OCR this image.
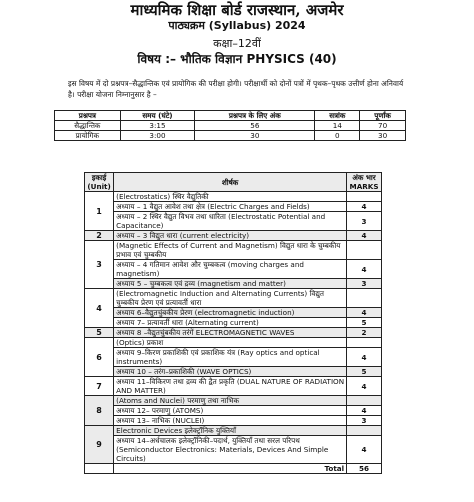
माध्यमिक शिक्षा बोर्ड राजस्थान, अजमेर
पाठ्यक्रम (Syllabus) 2024
कक्षा–12वीं
विषय :– भौतिक विज्ञान PHYSICS (40)
इस विषय में दो प्रश्नपत्र–सैद्धान्तिक एवं प्रायोगिक की परीक्षा होगी। परीक्षार्थी को दोनों पत्रों में पृथक–पृथक उत्तीर्ण होना अनिवार्य है। परीक्षा योजना निम्नानुसार है –
प्रश्नपत्र	समय (घंटे)	प्रश्नपत्र के लिए अंक	सत्रांक	पूर्णांक
सैद्धान्तिक	3:15	56	14	70
प्रायोगिक	3:00	30	0	30
इकाई (Unit)	शीर्षक	अंक भार MARKS
1	(Electrostatics) स्थिर वैद्युतिकी	
	अध्याय – 1 वैद्युत आवेश तथा क्षेत्र (Electric Charges and Fields)	4
	अध्याय – 2 स्थिर वैद्युत विभव तथा धारिता (Electrostatic Potential and Capacitance)	3
2	अध्याय – 3 विद्युत धारा (current electricity)	4
3	(Magnetic Effects of Current and Magnetism) विद्युत धारा के चुम्बकीय प्रभाव एवं चुम्बकीय	
	अध्याय – 4 गतिमान आवेश और चुम्बकत्व (moving charges and magnetism)	4
	अध्याय 5 – चुम्बकत्व एवं द्रव्य (magnetism and matter)	3
4	(Electromagnetic Induction and Alternating Currents) विद्युत चुम्बकीय प्रेरण एवं प्रत्यावर्ती धारा	
	अध्याय 6–वैद्युतचुंबकीय प्रेरण (electromagnetic induction)	4
	अध्याय 7– प्रत्यावर्ती धारा (Alternating current)	5
5	अध्याय 8 –वैद्युतचुंबकीय तरंगें ELECTROMAGNETIC WAVES	2
6	(Optics) प्रकाश	
	अध्याय 9–किरण प्रकाशिकी एवं प्रकाशिक यंत्र (Ray optics and optical instruments)	4
	अध्याय 10 – तरंग–प्रकाशिकी (WAVE OPTICS)	5
7	अध्याय 11–विकिरण तथा द्रव्य की द्वैत प्रकृति (DUAL NATURE OF RADIATION AND MATTER)	4
8	(Atoms and Nuclei) परमाणु तथा नाभिक	
	अध्याय 12– परमाणु (ATOMS)	4
	अध्याय 13– नाभिक (NUCLEI)	3
9	Electronic Devices इलेक्ट्रॉनिक युक्तियाँ	
	अध्याय 14–अर्धचालक इलेक्ट्रॉनिकी–पदार्थ, युक्तियाँ तथा सरल परिपथ (Semiconductor Electronics: Materials, Devices And Simple Circuits)	4
	Total	56
